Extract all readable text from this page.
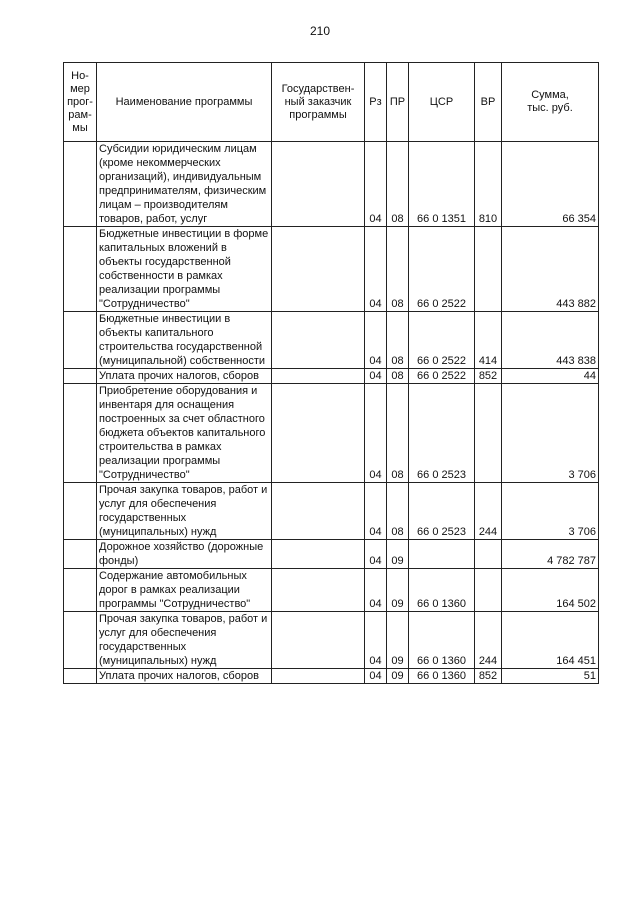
210
Но-
мер
прог-
рам-
мы	Наименование программы	Государствен-
ный заказчик
программы	Рз	ПР	ЦСР	ВР	Сумма,
тыс. руб.
	Субсидии юридическим лицам (кроме некоммерческих организаций), индивидуальным предпринимателям, физическим лицам – производителям товаров, работ, услуг		04	08	66 0 1351	810	66 354
	Бюджетные инвестиции в форме капитальных вложений в объекты государственной собственности в рамках реализации программы "Сотрудничество"		04	08	66 0 2522		443 882
	Бюджетные инвестиции в объекты капитального строительства государственной (муниципальной) собственности		04	08	66 0 2522	414	443 838
	Уплата прочих налогов, сборов		04	08	66 0 2522	852	44
	Приобретение оборудования и инвентаря для оснащения построенных за счет областного бюджета объектов капитального строительства в рамках реализации программы "Сотрудничество"		04	08	66 0 2523		3 706
	Прочая закупка товаров, работ и услуг для обеспечения государственных (муниципальных) нужд		04	08	66 0 2523	244	3 706
	Дорожное хозяйство (дорожные фонды)		04	09			4 782 787
	Содержание автомобильных дорог в рамках реализации программы "Сотрудничество"		04	09	66 0 1360		164 502
	Прочая закупка товаров, работ и услуг для обеспечения государственных (муниципальных) нужд		04	09	66 0 1360	244	164 451
	Уплата прочих налогов, сборов		04	09	66 0 1360	852	51
